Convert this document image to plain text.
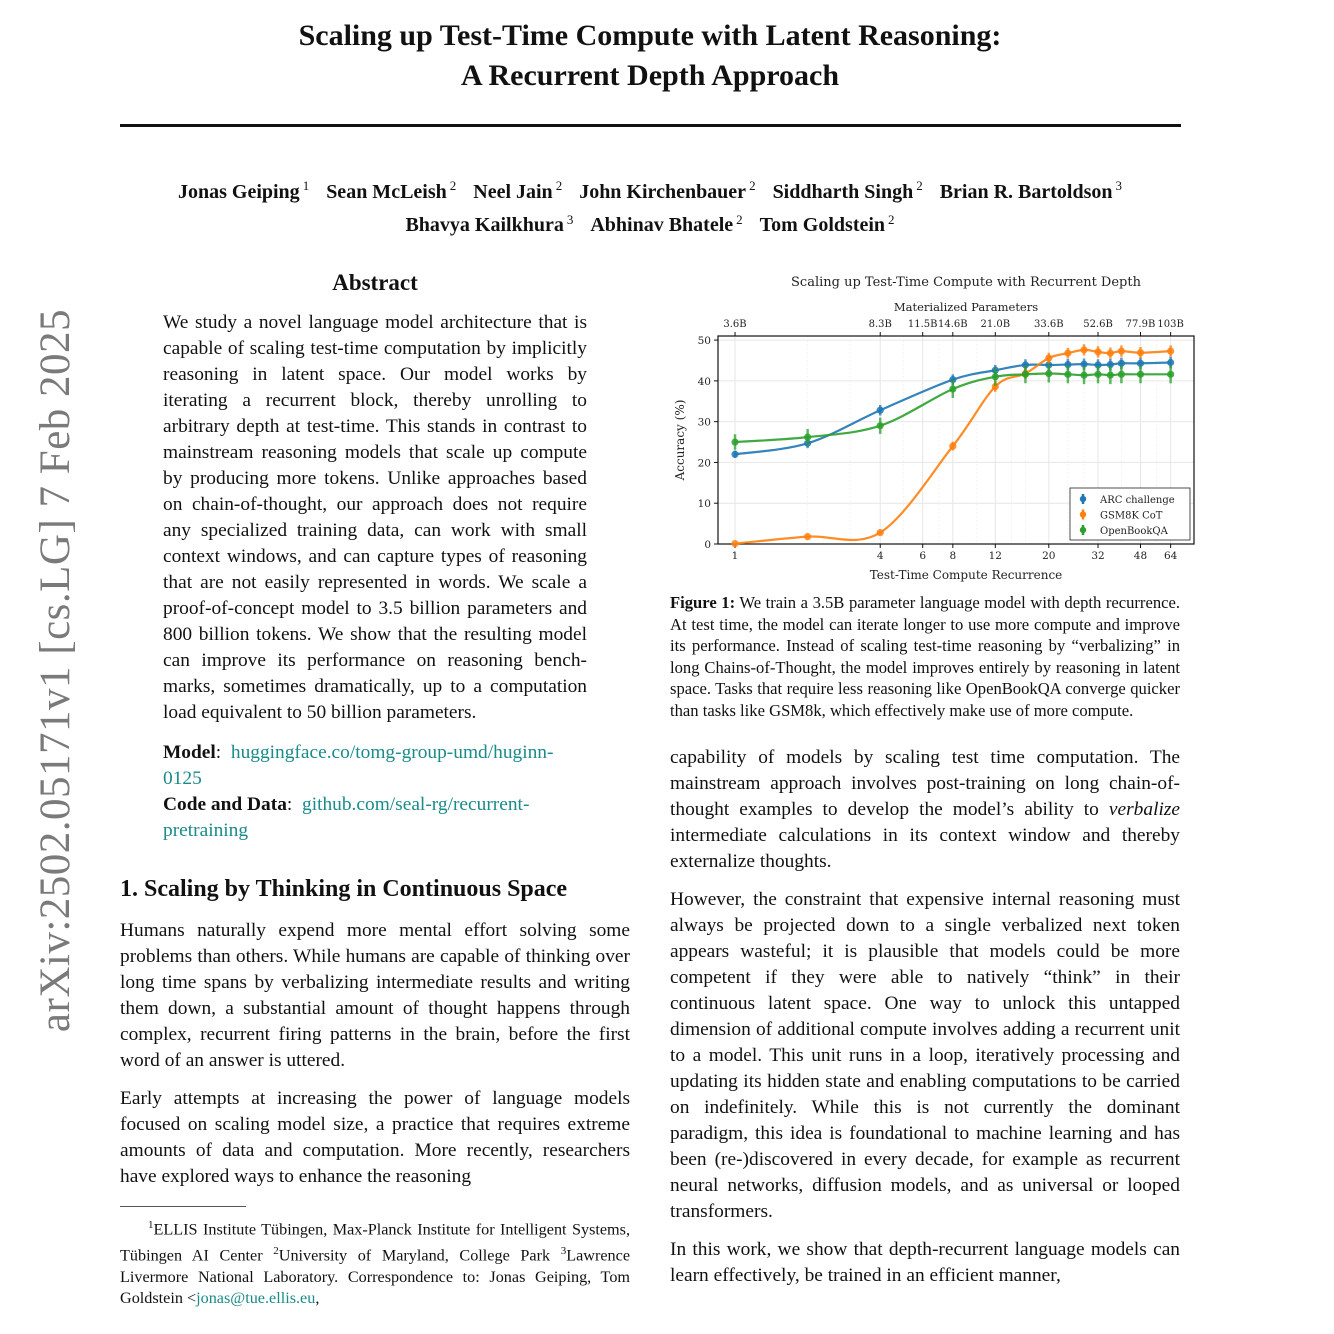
arXiv:2502.05171v1 [cs.LG] 7 Feb 2025
Scaling up Test-Time Compute with Latent Reasoning:
A Recurrent Depth Approach
Jonas Geiping $^1$ Sean McLeish $^2$ Neel Jain $^2$ John Kirchenbauer $^2$ Siddharth Singh $^2$ Brian R. Bartoldson $^3$
Bhavya Kailkhura $^3$ Abhinav Bhatele $^2$ Tom Goldstein $^2$
Abstract
We study a novel language model architecture that is capable of scaling test-time computation by implicitly reasoning in latent space. Our model works by iterating a recurrent block, thereby unrolling to arbitrary depth at test-time. This stands in contrast to mainstream reasoning models that scale up compute by producing more tokens. Unlike approaches based on chain-of-thought, our approach does not require any specialized training data, can work with small context windows, and can capture types of reasoning that are not easily represented in words. We scale a proof-of-concept model to 3.5 billion parameters and 800 billion tokens. We show that the resulting model can improve its performance on reasoning benchmarks, sometimes dramatically, up to a computation load equivalent to 50 billion parameters.
Model:  huggingface.co/tomg-group-umd/huginn-0125
Code and Data:  github.com/seal-rg/recurrent-pretraining
1. Scaling by Thinking in Continuous Space

Humans naturally expend more mental effort solving some problems than others. While humans are capable of thinking over long time spans by verbalizing intermediate results and writing them down, a substantial amount of thought happens through complex, recurrent firing patterns in the brain, before the first word of an answer is uttered.

Early attempts at increasing the power of language models focused on scaling model size, a practice that requires extreme amounts of data and computation. More recently, researchers have explored ways to enhance the reasoning

$^1$ELLIS Institute Tübingen, Max-Planck Institute for Intelligent Systems, Tübingen AI Center $^2$University of Maryland, College Park $^3$Lawrence Livermore National Laboratory. Correspondence to: Jonas Geiping, Tom Goldstein <jonas@tue.ellis.eu,
Scaling up Test-Time Compute with Recurrent Depth
Materialized Parameters
0
10
20
30
40
50
1	4	6 8	12	20	32	48 64
3.6B	8.3B 11.5B 14.6B 21.0B 33.6B 52.6B 77.9B 103B
Test-Time Compute Recurrence
Accuracy (%)
ARC challenge
GSM8K CoT
OpenBookQA
Figure 1: We train a 3.5B parameter language model with depth recurrence. At test time, the model can iterate longer to use more compute and improve its performance. Instead of scaling test-time reasoning by “verbalizing” in long Chains-of-Thought, the model improves entirely by reasoning in latent space. Tasks that require less reasoning like OpenBookQA converge quicker than tasks like GSM8k, which effectively make use of more compute.

capability of models by scaling test time computation. The mainstream approach involves post-training on long chain-of-thought examples to develop the model’s ability to verbalize intermediate calculations in its context window and thereby externalize thoughts.

However, the constraint that expensive internal reasoning must always be projected down to a single verbalized next token appears wasteful; it is plausible that models could be more competent if they were able to natively “think” in their continuous latent space. One way to unlock this untapped dimension of additional compute involves adding a recurrent unit to a model. This unit runs in a loop, iteratively processing and updating its hidden state and enabling computations to be carried on indefinitely. While this is not currently the dominant paradigm, this idea is foundational to machine learning and has been (re-)discovered in every decade, for example as recurrent neural networks, diffusion models, and as universal or looped transformers.

In this work, we show that depth-recurrent language models can learn effectively, be trained in an efficient manner,
